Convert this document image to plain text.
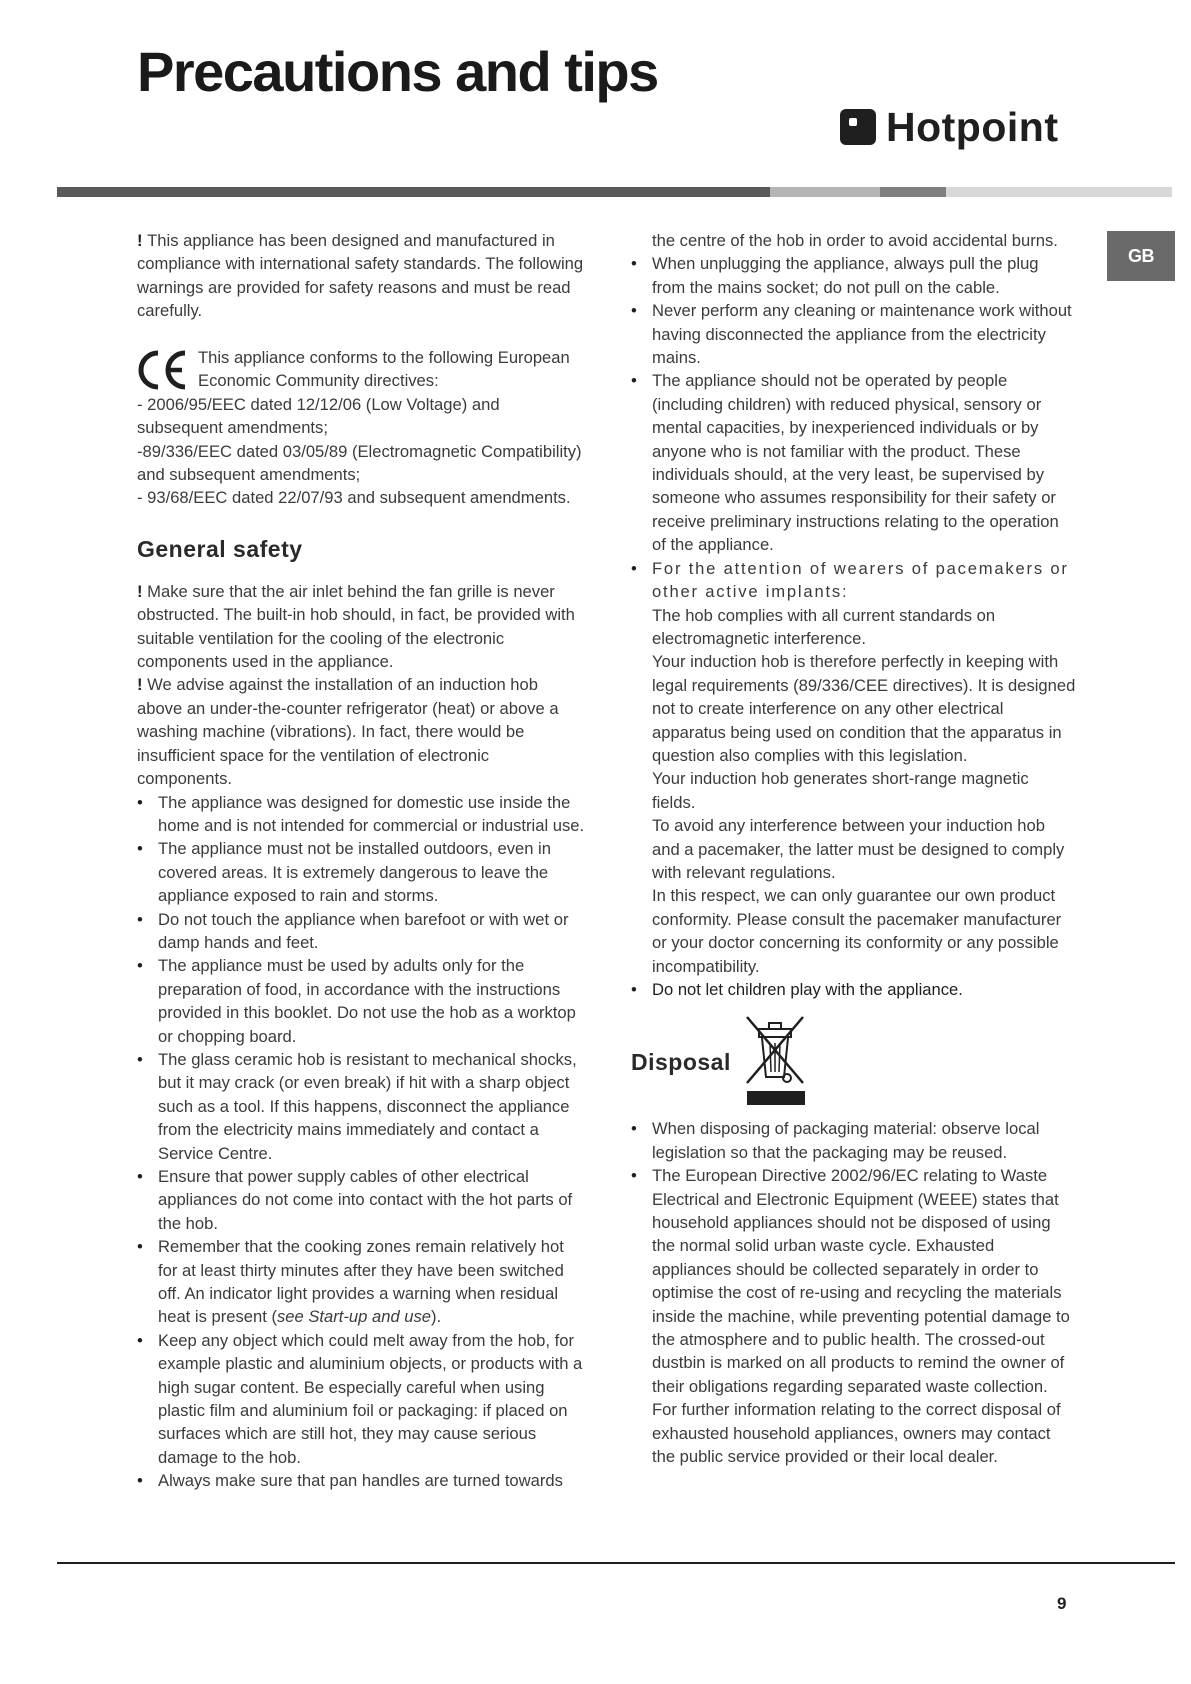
Precautions and tips
Hotpoint
GB

! This appliance has been designed and manufactured in compliance with international safety standards. The following warnings are provided for safety reasons and must be read carefully.

This appliance conforms to the following European Economic Community directives:

- 2006/95/EEC dated 12/12/06 (Low Voltage) and subsequent amendments;

-89/336/EEC dated 03/05/89 (Electromagnetic Compatibility) and subsequent amendments;

- 93/68/EEC dated 22/07/93 and subsequent amendments.

General safety

! Make sure that the air inlet behind the fan grille is never obstructed. The built-in hob should, in fact, be provided with suitable ventilation for the cooling of the electronic components used in the appliance.

! We advise against the installation of an induction hob above an under-the-counter refrigerator (heat) or above a washing machine (vibrations). In fact, there would be insufficient space for the ventilation of electronic components.

• The appliance was designed for domestic use inside the home and is not intended for commercial or industrial use.
• The appliance must not be installed outdoors, even in covered areas. It is extremely dangerous to leave the appliance exposed to rain and storms.
• Do not touch the appliance when barefoot or with wet or damp hands and feet.
• The appliance must be used by adults only for the preparation of food, in accordance with the instructions provided in this booklet. Do not use the hob as a worktop or chopping board.
• The glass ceramic hob is resistant to mechanical shocks, but it may crack (or even break) if hit with a sharp object such as a tool. If this happens, disconnect the appliance from the electricity mains immediately and contact a Service Centre.
• Ensure that power supply cables of other electrical appliances do not come into contact with the hot parts of the hob.
• Remember that the cooking zones remain relatively hot for at least thirty minutes after they have been switched off. An indicator light provides a warning when residual heat is present (see Start-up and use).
• Keep any object which could melt away from the hob, for example plastic and aluminium objects, or products with a high sugar content. Be especially careful when using plastic film and aluminium foil or packaging: if placed on surfaces which are still hot, they may cause serious damage to the hob.
• Always make sure that pan handles are turned towards

the centre of the hob in order to avoid accidental burns.

• When unplugging the appliance, always pull the plug from the mains socket; do not pull on the cable.
• Never perform any cleaning or maintenance work without having disconnected the appliance from the electricity mains.
• The appliance should not be operated by people (including children) with reduced physical, sensory or mental capacities, by inexperienced individuals or by anyone who is not familiar with the product. These individuals should, at the very least, be supervised by someone who assumes responsibility for their safety or receive preliminary instructions relating to the operation of the appliance.
• For the attention of wearers of pacemakers or other active implants:

The hob complies with all current standards on electromagnetic interference.

Your induction hob is therefore perfectly in keeping with legal requirements (89/336/CEE directives). It is designed not to create interference on any other electrical apparatus being used on condition that the apparatus in question also complies with this legislation.

Your induction hob generates short-range magnetic fields.

To avoid any interference between your induction hob and a pacemaker, the latter must be designed to comply with relevant regulations.

In this respect, we can only guarantee our own product conformity. Please consult the pacemaker manufacturer or your doctor concerning its conformity or any possible incompatibility.

• Do not let children play with the appliance.
Disposal
• When disposing of packaging material: observe local legislation so that the packaging may be reused.
• The European Directive 2002/96/EC relating to Waste Electrical and Electronic Equipment (WEEE) states that household appliances should not be disposed of using the normal solid urban waste cycle. Exhausted appliances should be collected separately in order to optimise the cost of re-using and recycling the materials inside the machine, while preventing potential damage to the atmosphere and to public health. The crossed-out dustbin is marked on all products to remind the owner of their obligations regarding separated waste collection.

For further information relating to the correct disposal of exhausted household appliances, owners may contact the public service provided or their local dealer.

9
